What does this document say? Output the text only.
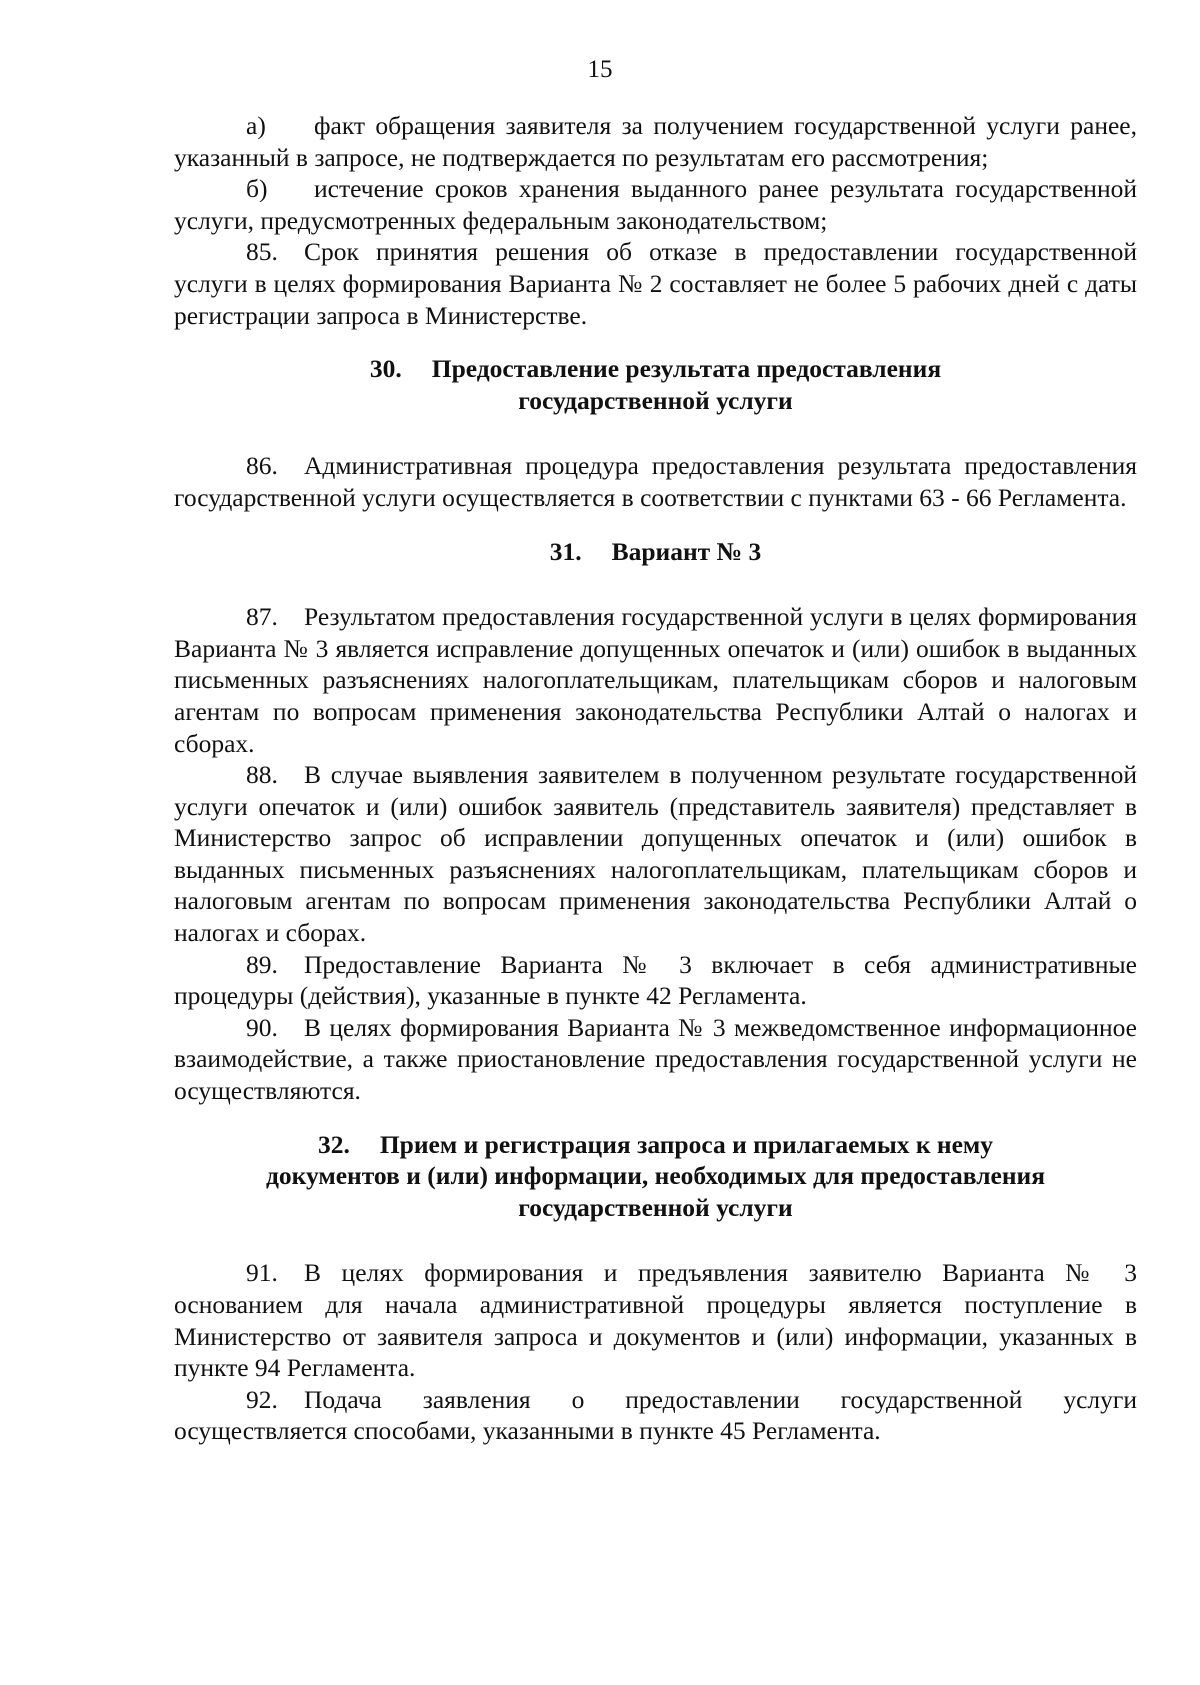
15

а) факт обращения заявителя за получением государственной услуги ранее, указанный в запросе, не подтверждается по результатам его рассмотрения;

б) истечение сроков хранения выданного ранее результата государственной услуги, предусмотренных федеральным законодательством;

85. Срок принятия решения об отказе в предоставлении государственной услуги в целях формирования Варианта № 2 составляет не более 5 рабочих дней с даты регистрации запроса в Министерстве.

30. Предоставление результата предоставления
государственной услуги

86. Административная процедура предоставления результата предоставления государственной услуги осуществляется в соответствии с пунктами 63 - 66 Регламента.

31. Вариант № 3

87. Результатом предоставления государственной услуги в целях формирования Варианта № 3 является исправление допущенных опечаток и (или) ошибок в выданных письменных разъяснениях налогоплательщикам, плательщикам сборов и налоговым агентам по вопросам применения законодательства Республики Алтай о налогах и сборах.

88. В случае выявления заявителем в полученном результате государственной услуги опечаток и (или) ошибок заявитель (представитель заявителя) представляет в Министерство запрос об исправлении допущенных опечаток и (или) ошибок в выданных письменных разъяснениях налогоплательщикам, плательщикам сборов и налоговым агентам по вопросам применения законодательства Республики Алтай о налогах и сборах.

89. Предоставление Варианта № 3 включает в себя административные процедуры (действия), указанные в пункте 42 Регламента.

90. В целях формирования Варианта № 3 межведомственное информационное взаимодействие, а также приостановление предоставления государственной услуги не осуществляются.

32. Прием и регистрация запроса и прилагаемых к нему
документов и (или) информации, необходимых для предоставления
государственной услуги

91. В целях формирования и предъявления заявителю Варианта № 3 основанием для начала административной процедуры является поступление в Министерство от заявителя запроса и документов и (или) информации, указанных в пункте 94 Регламента.

92. Подача заявления о предоставлении государственной услуги осуществляется способами, указанными в пункте 45 Регламента.
